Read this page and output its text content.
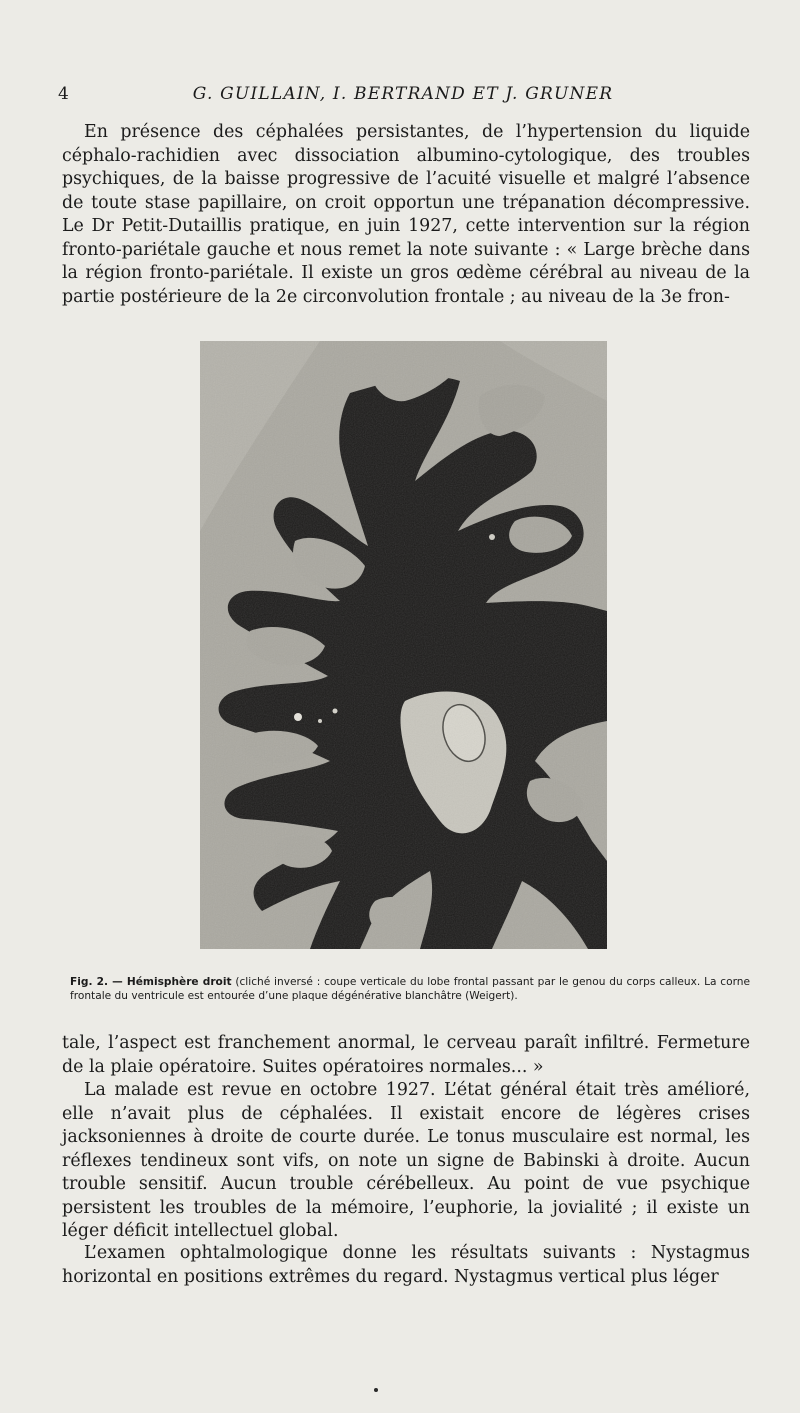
4	G. GUILLAIN, I. BERTRAND ET J. GRUNER

En présence des céphalées persistantes, de l’hypertension du liquide céphalo-rachidien avec dissociation albumino-cytologique, des troubles psychiques, de la baisse progressive de l’acuité visuelle et malgré l’absence de toute stase papillaire, on croit opportun une trépanation décompressive. Le Dr Petit-Dutaillis pratique, en juin 1927, cette intervention sur la région fronto-pariétale gauche et nous remet la note suivante : « Large brèche dans la région fronto-pariétale. Il existe un gros œdème cérébral au niveau de la partie postérieure de la 2e circonvolution frontale ; au niveau de la 3e fron-

Fig. 2. — Hémisphère droit (cliché inversé : coupe verticale du lobe frontal passant par le genou du corps calleux. La corne frontale du ventricule est entourée d’une plaque dégénérative blanchâtre (Weigert).

tale, l’aspect est franchement anormal, le cerveau paraît infiltré. Fermeture de la plaie opératoire. Suites opératoires normales... »

La malade est revue en octobre 1927. L’état général était très amélioré, elle n’avait plus de céphalées. Il existait encore de légères crises jacksoniennes à droite de courte durée. Le tonus musculaire est normal, les réflexes tendineux sont vifs, on note un signe de Babinski à droite. Aucun trouble sensitif. Aucun trouble cérébelleux. Au point de vue psychique persistent les troubles de la mémoire, l’euphorie, la jovialité ; il existe un léger déficit intellectuel global.

L’examen ophtalmologique donne les résultats suivants : Nystagmus horizontal en positions extrêmes du regard. Nystagmus vertical plus léger
